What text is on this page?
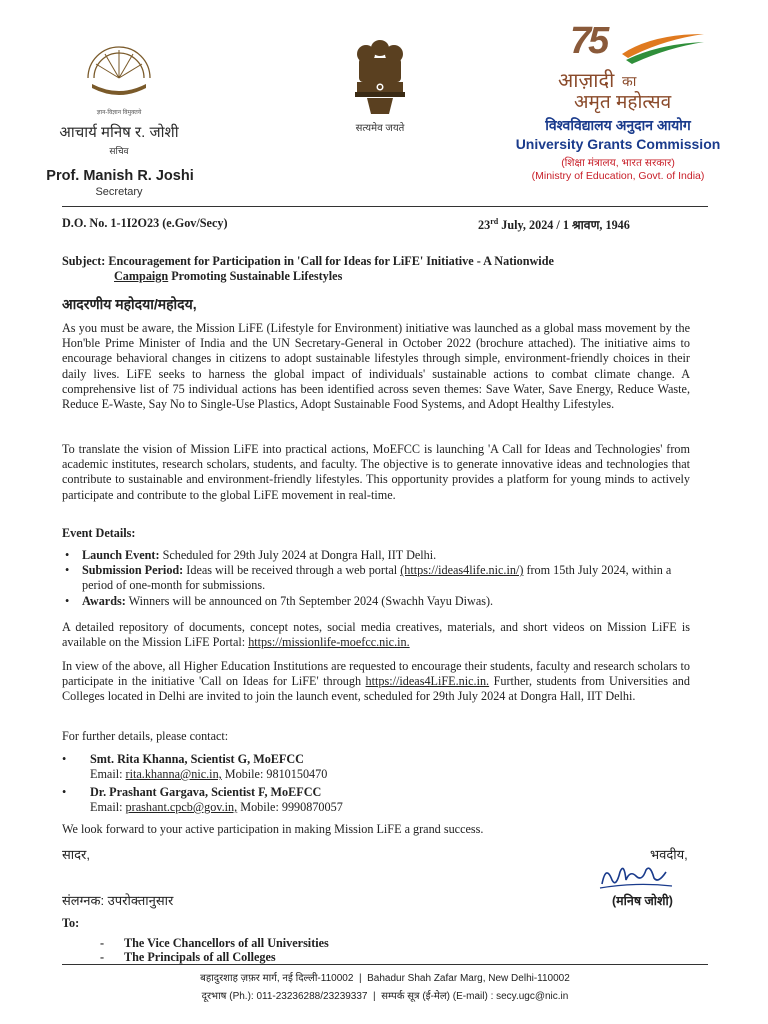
ज्ञान-विज्ञान विमुक्तये
आचार्य मनिष र. जोशी
सचिव
Prof. Manish R. Joshi
Secretary
सत्यमेव जयते
75
आज़ादी का
अमृत महोत्सव
विश्वविद्यालय अनुदान आयोग
University Grants Commission
(शिक्षा मंत्रालय, भारत सरकार)
(Ministry of Education, Govt. of India)
D.O. No. 1-1I2O23 (e.Gov/Secy)	23rd July, 2024 / 1 श्रावण, 1946
Subject: Encouragement for Participation in 'Call for Ideas for LiFE' Initiative - A Nationwide
Campaign Promoting Sustainable Lifestyles
आदरणीय महोदया/महोदय,

As you must be aware, the Mission LiFE (Lifestyle for Environment) initiative was launched as a global mass movement by the Hon'ble Prime Minister of India and the UN Secretary-General in October 2022 (brochure attached). The initiative aims to encourage behavioral changes in citizens to adopt sustainable lifestyles through simple, environment-friendly choices in their daily lives. LiFE seeks to harness the global impact of individuals' sustainable actions to combat climate change. A comprehensive list of 75 individual actions has been identified across seven themes: Save Water, Save Energy, Reduce Waste, Reduce E-Waste, Say No to Single-Use Plastics, Adopt Sustainable Food Systems, and Adopt Healthy Lifestyles.

To translate the vision of Mission LiFE into practical actions, MoEFCC is launching 'A Call for Ideas and Technologies' from academic institutes, research scholars, students, and faculty. The objective is to generate innovative ideas and technologies that contribute to sustainable and environment-friendly lifestyles. This opportunity provides a platform for young minds to actively participate and contribute to the global LiFE movement in real-time.

Event Details:
• Launch Event: Scheduled for 29th July 2024 at Dongra Hall, IIT Delhi.
• Submission Period: Ideas will be received through a web portal (https://ideas4life.nic.in/) from 15th July 2024, within a period of one-month for submissions.
• Awards: Winners will be announced on 7th September 2024 (Swachh Vayu Diwas).

A detailed repository of documents, concept notes, social media creatives, materials, and short videos on Mission LiFE is available on the Mission LiFE Portal: https://missionlife-moefcc.nic.in.

In view of the above, all Higher Education Institutions are requested to encourage their students, faculty and research scholars to participate in the initiative 'Call on Ideas for LiFE' through https://ideas4LiFE.nic.in. Further, students from Universities and Colleges located in Delhi are invited to join the launch event, scheduled for 29th July 2024 at Dongra Hall, IIT Delhi.

For further details, please contact:
• Smt. Rita Khanna, Scientist G, MoEFCC
Email: rita.khanna@nic.in, Mobile: 9810150470
• Dr. Prashant Gargava, Scientist F, MoEFCC
Email: prashant.cpcb@gov.in, Mobile: 9990870057
We look forward to your active participation in making Mission LiFE a grand success.
सादर,	भवदीय,
(मनिष जोशी)
संलग्नक: उपरोक्तानुसार
To:
- The Vice Chancellors of all Universities
- The Principals of all Colleges
बहादुरशाह ज़फ़र मार्ग, नई दिल्ली-110002  |  Bahadur Shah Zafar Marg, New Delhi-110002
दूरभाष (Ph.): 011-23236288/23239337  |  सम्पर्क सूत्र (ई-मेल) (E-mail) : secy.ugc@nic.in
